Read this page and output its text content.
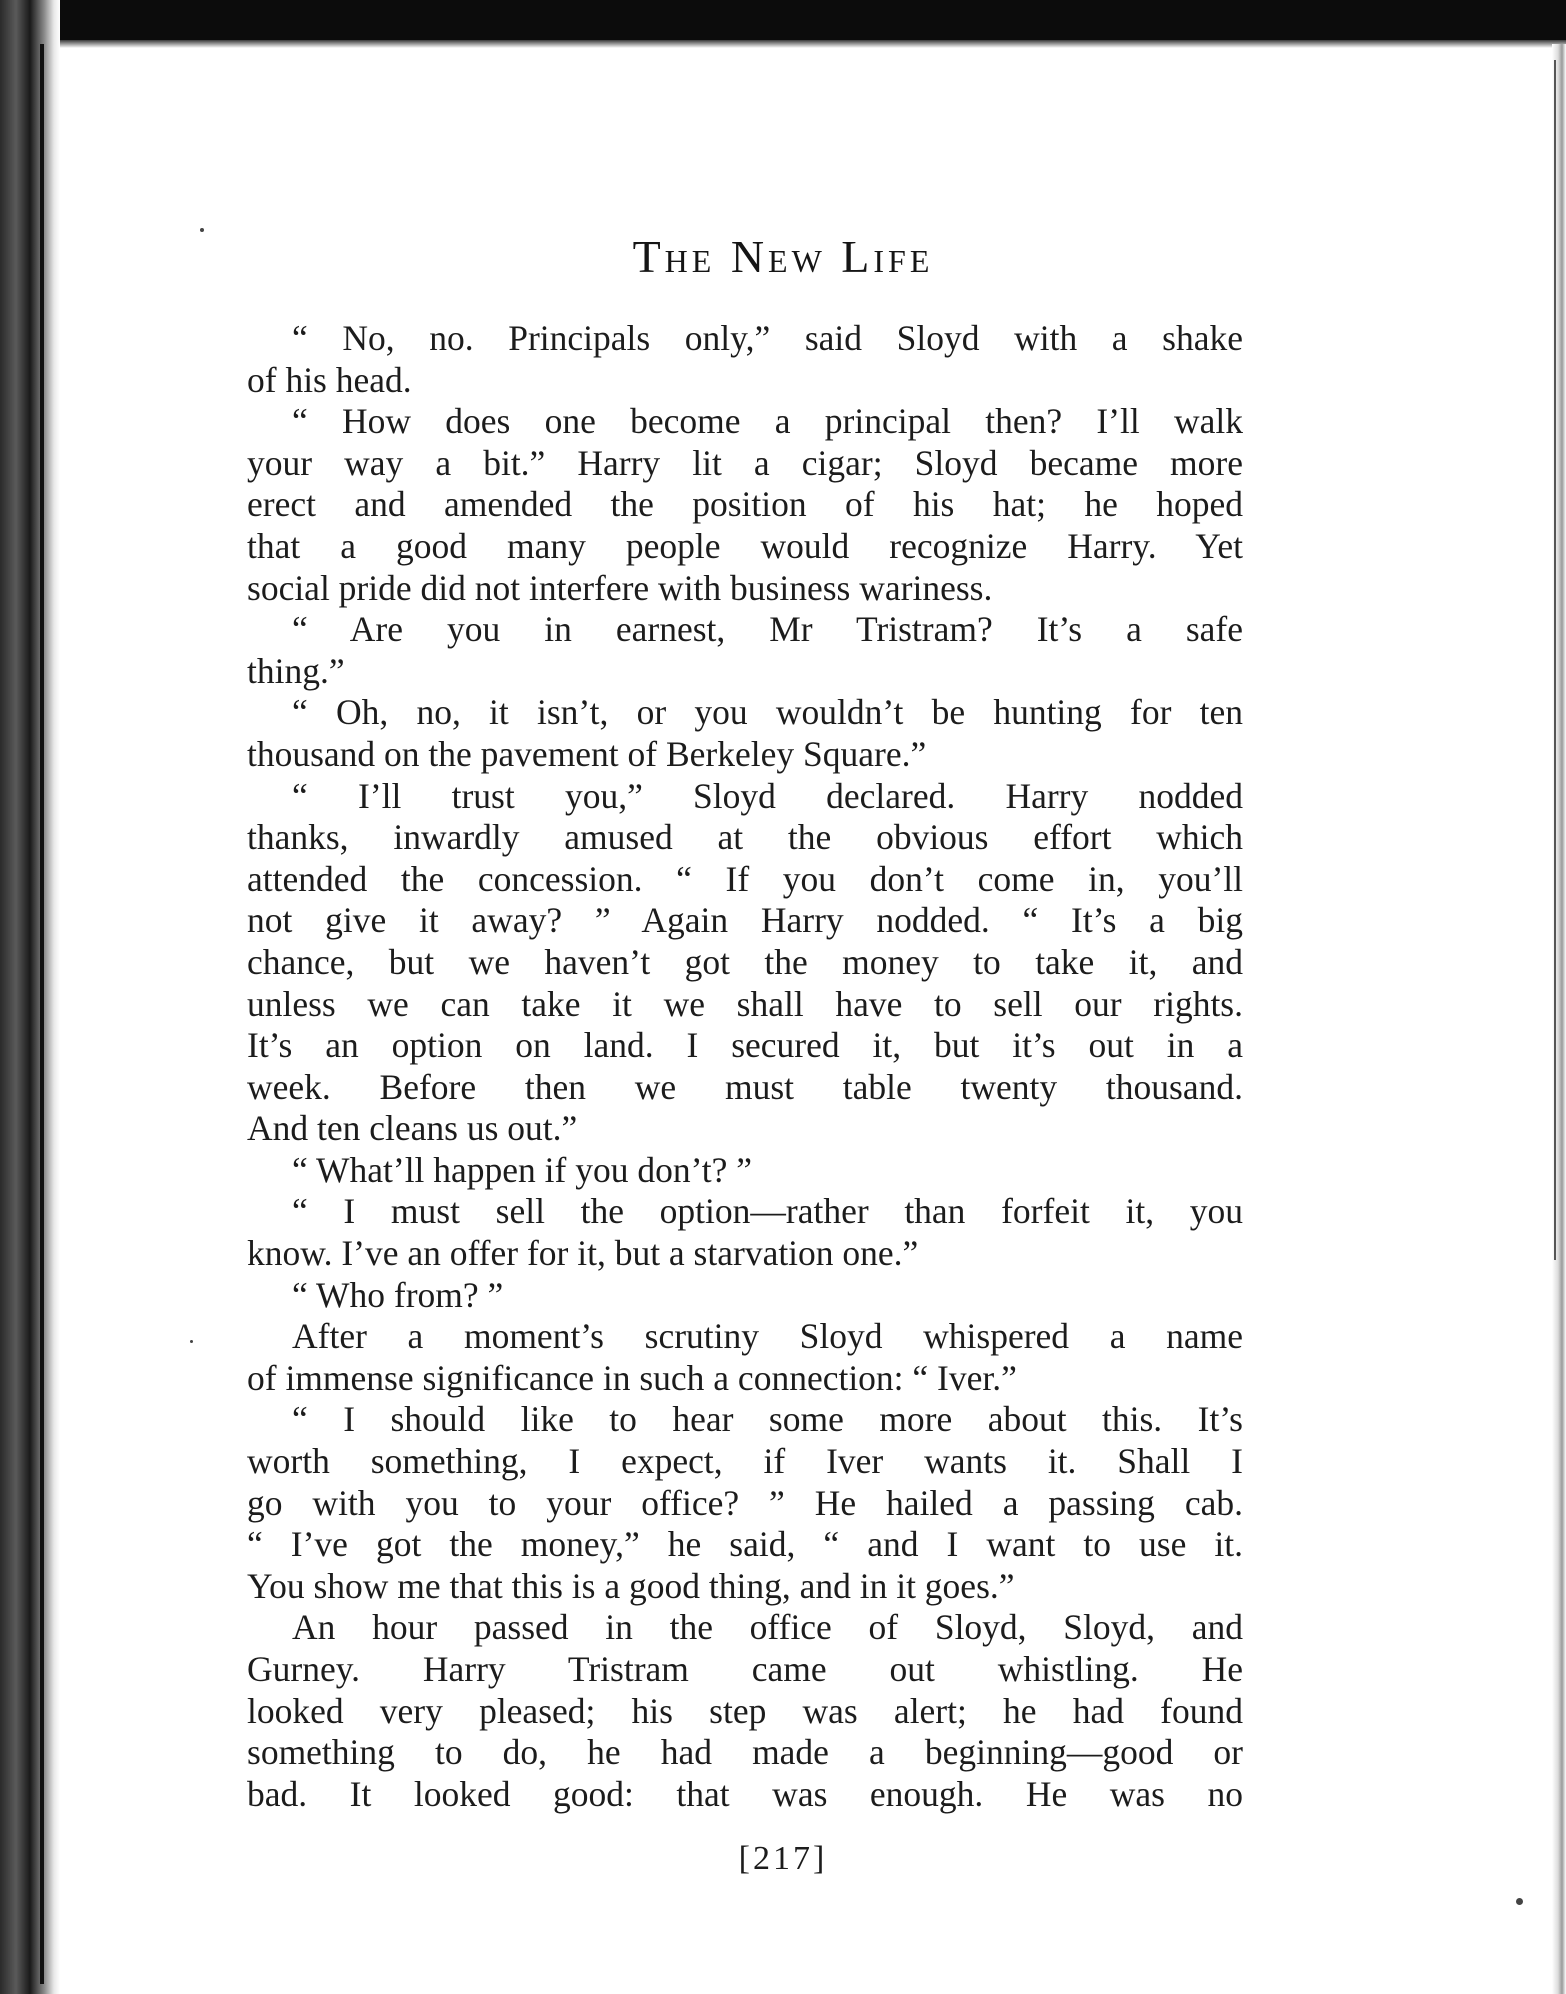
The New Life
“ No, no. Principals only,” said Sloyd with a shake
of his head.
“ How does one become a principal then? I’ll walk
your way a bit.” Harry lit a cigar; Sloyd became more
erect and amended the position of his hat; he hoped
that a good many people would recognize Harry. Yet
social pride did not interfere with business wariness.
“ Are you in earnest, Mr Tristram? It’s a safe
thing.”
“ Oh, no, it isn’t, or you wouldn’t be hunting for ten
thousand on the pavement of Berkeley Square.”
“ I’ll trust you,” Sloyd declared. Harry nodded
thanks, inwardly amused at the obvious effort which
attended the concession. “ If you don’t come in, you’ll
not give it away? ” Again Harry nodded. “ It’s a big
chance, but we haven’t got the money to take it, and
unless we can take it we shall have to sell our rights.
It’s an option on land. I secured it, but it’s out in a
week. Before then we must table twenty thousand.
And ten cleans us out.”
“ What’ll happen if you don’t? ”
“ I must sell the option—rather than forfeit it, you
know. I’ve an offer for it, but a starvation one.”
“ Who from? ”
After a moment’s scrutiny Sloyd whispered a name
of immense significance in such a connection: “ Iver.”
“ I should like to hear some more about this. It’s
worth something, I expect, if Iver wants it. Shall I
go with you to your office? ” He hailed a passing cab.
“ I’ve got the money,” he said, “ and I want to use it.
You show me that this is a good thing, and in it goes.”
An hour passed in the office of Sloyd, Sloyd, and
Gurney. Harry Tristram came out whistling. He
looked very pleased; his step was alert; he had found
something to do, he had made a beginning—good or
bad. It looked good: that was enough. He was no
[217]
